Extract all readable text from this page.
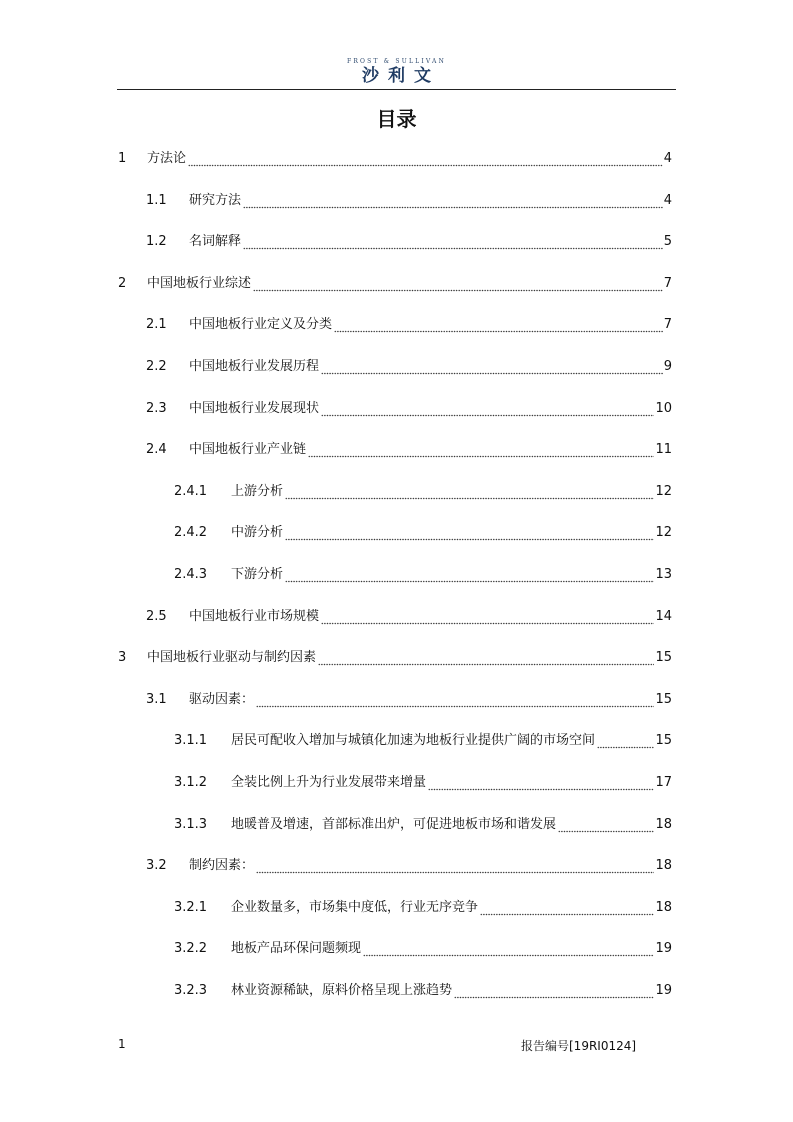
FROST & SULLIVAN
沙利文
目录
1	方法论	4
1.1	研究方法	4
1.2	名词解释	5
2	中国地板行业综述	7
2.1	中国地板行业定义及分类	7
2.2	中国地板行业发展历程	9
2.3	中国地板行业发展现状	10
2.4	中国地板行业产业链	11
2.4.1	上游分析	12
2.4.2	中游分析	12
2.4.3	下游分析	13
2.5	中国地板行业市场规模	14
3	中国地板行业驱动与制约因素	15
3.1	驱动因素：	15
3.1.1	居民可配收入增加与城镇化加速为地板行业提供广阔的市场空间	15
3.1.2	全装比例上升为行业发展带来增量	17
3.1.3	地暖普及增速，首部标准出炉，可促进地板市场和谐发展	18
3.2	制约因素：	18
3.2.1	企业数量多，市场集中度低，行业无序竞争	18
3.2.2	地板产品环保问题频现	19
3.2.3	林业资源稀缺，原料价格呈现上涨趋势	19
1	报告编号[19RI0124]
